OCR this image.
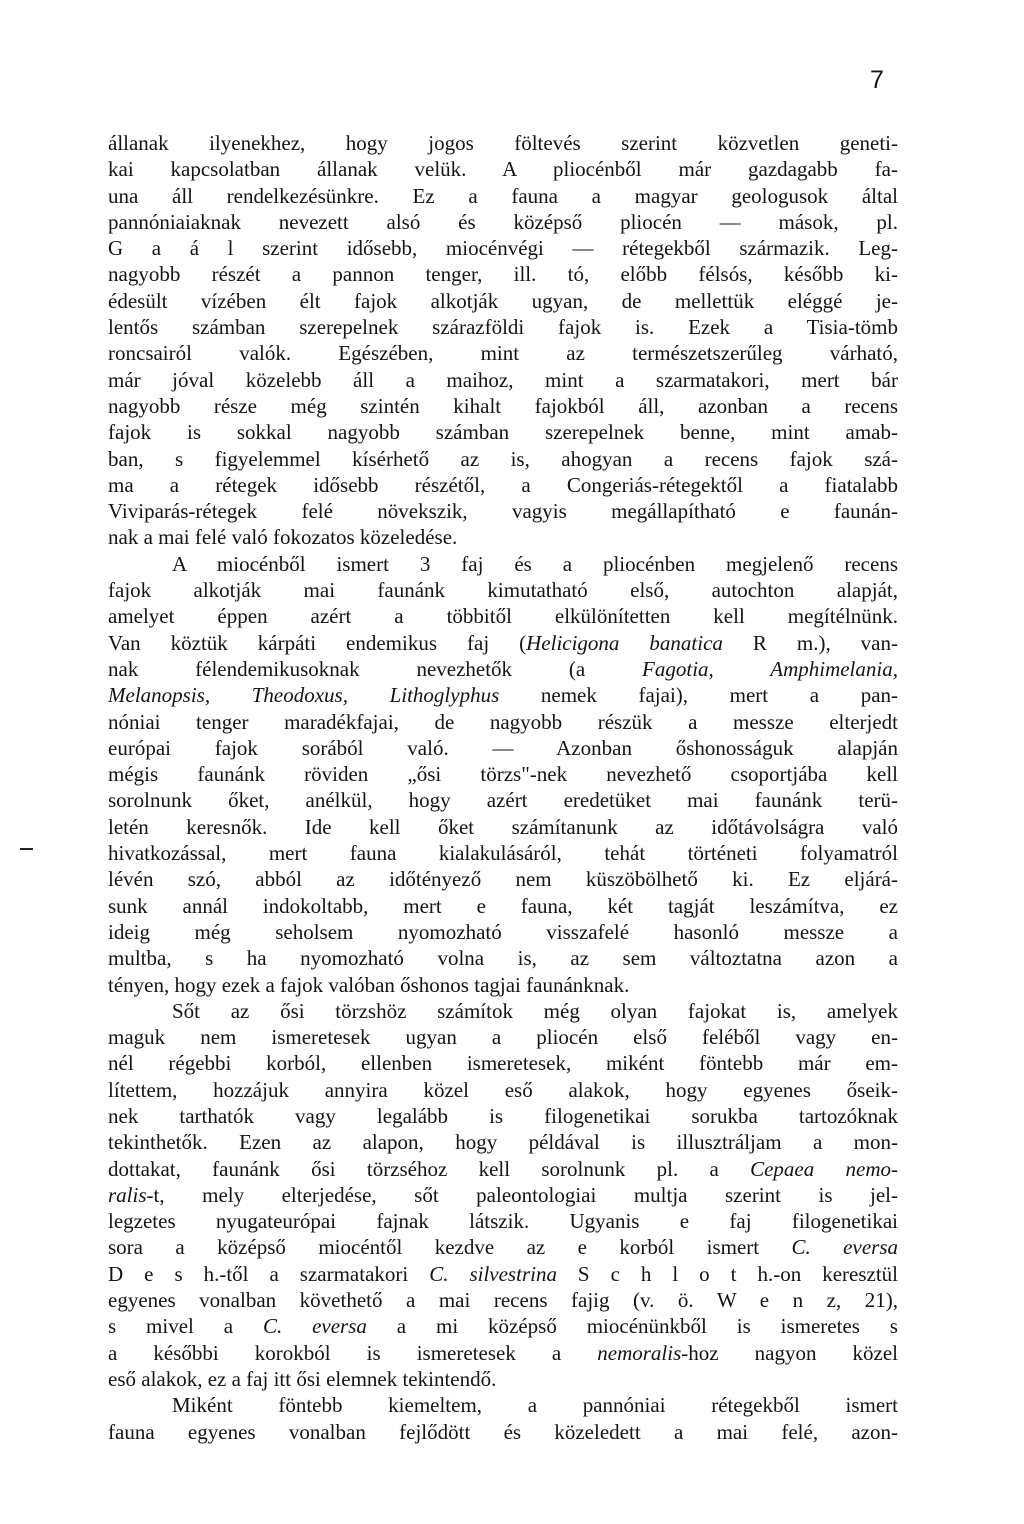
7
állanak ilyenekhez, hogy jogos föltevés szerint közvetlen geneti-
kai kapcsolatban állanak velük. A pliocénből már gazdagabb fa-
una áll rendelkezésünkre. Ez a fauna a magyar geologusok által
pannóniaiaknak nevezett alsó és középső pliocén — mások, pl.
G a á l szerint idősebb, miocénvégi — rétegekből származik. Leg-
nagyobb részét a pannon tenger, ill. tó, előbb félsós, később ki-
édesült vízében élt fajok alkotják ugyan, de mellettük eléggé je-
lentős számban szerepelnek szárazföldi fajok is. Ezek a Tisia-tömb
roncsairól valók. Egészében, mint az természetszerűleg várható,
már jóval közelebb áll a maihoz, mint a szarmatakori, mert bár
nagyobb része még szintén kihalt fajokból áll, azonban a recens
fajok is sokkal nagyobb számban szerepelnek benne, mint amab-
ban, s figyelemmel kísérhető az is, ahogyan a recens fajok szá-
ma a rétegek idősebb részétől, a Congeriás-rétegektől a fiatalabb
Viviparás-rétegek felé növekszik, vagyis megállapítható e faunán-
nak a mai felé való fokozatos közeledése.
A miocénből ismert 3 faj és a pliocénben megjelenő recens
fajok alkotják mai faunánk kimutatható első, autochton alapját,
amelyet éppen azért a többitől elkülönítetten kell megítélnünk.
Van köztük kárpáti endemikus faj (Helicigona banatica R m.), van-
nak félendemikusoknak nevezhetők (a Fagotia, Amphimelania,
Melanopsis, Theodoxus, Lithoglyphus nemek fajai), mert a pan-
nóniai tenger maradékfajai, de nagyobb részük a messze elterjedt
európai fajok sorából való. — Azonban őshonosságuk alapján
mégis faunánk röviden „ősi törzs"-nek nevezhető csoportjába kell
sorolnunk őket, anélkül, hogy azért eredetüket mai faunánk terü-
letén keresnők. Ide kell őket számítanunk az időtávolságra való
hivatkozással, mert fauna kialakulásáról, tehát történeti folyamatról
lévén szó, abból az időtényező nem küszöbölhető ki. Ez eljárá-
sunk annál indokoltabb, mert e fauna, két tagját leszámítva, ez
ideig még seholsem nyomozható visszafelé hasonló messze a
multba, s ha nyomozható volna is, az sem változtatna azon a
tényen, hogy ezek a fajok valóban őshonos tagjai faunánknak.
Sőt az ősi törzshöz számítok még olyan fajokat is, amelyek
maguk nem ismeretesek ugyan a pliocén első feléből vagy en-
nél régebbi korból, ellenben ismeretesek, miként föntebb már em-
lítettem, hozzájuk annyira közel eső alakok, hogy egyenes őseik-
nek tarthatók vagy legalább is filogenetikai sorukba tartozóknak
tekinthetők. Ezen az alapon, hogy példával is illusztráljam a mon-
dottakat, faunánk ősi törzséhoz kell sorolnunk pl. a Cepaea nemo-
ralis-t, mely elterjedése, sőt paleontologiai multja szerint is jel-
legzetes nyugateurópai fajnak látszik. Ugyanis e faj filogenetikai
sora a középső miocéntől kezdve az e korból ismert C. eversa
D e s h.-től a szarmatakori C. silvestrina S c h l o t h.-on keresztül
egyenes vonalban követhető a mai recens fajig (v. ö. W e n z, 21),
s mivel a C. eversa a mi középső miocénünkből is ismeretes s
a későbbi korokból is ismeretesek a nemoralis-hoz nagyon közel
eső alakok, ez a faj itt ősi elemnek tekintendő.
Miként föntebb kiemeltem, a pannóniai rétegekből ismert
fauna egyenes vonalban fejlődött és közeledett a mai felé, azon-
